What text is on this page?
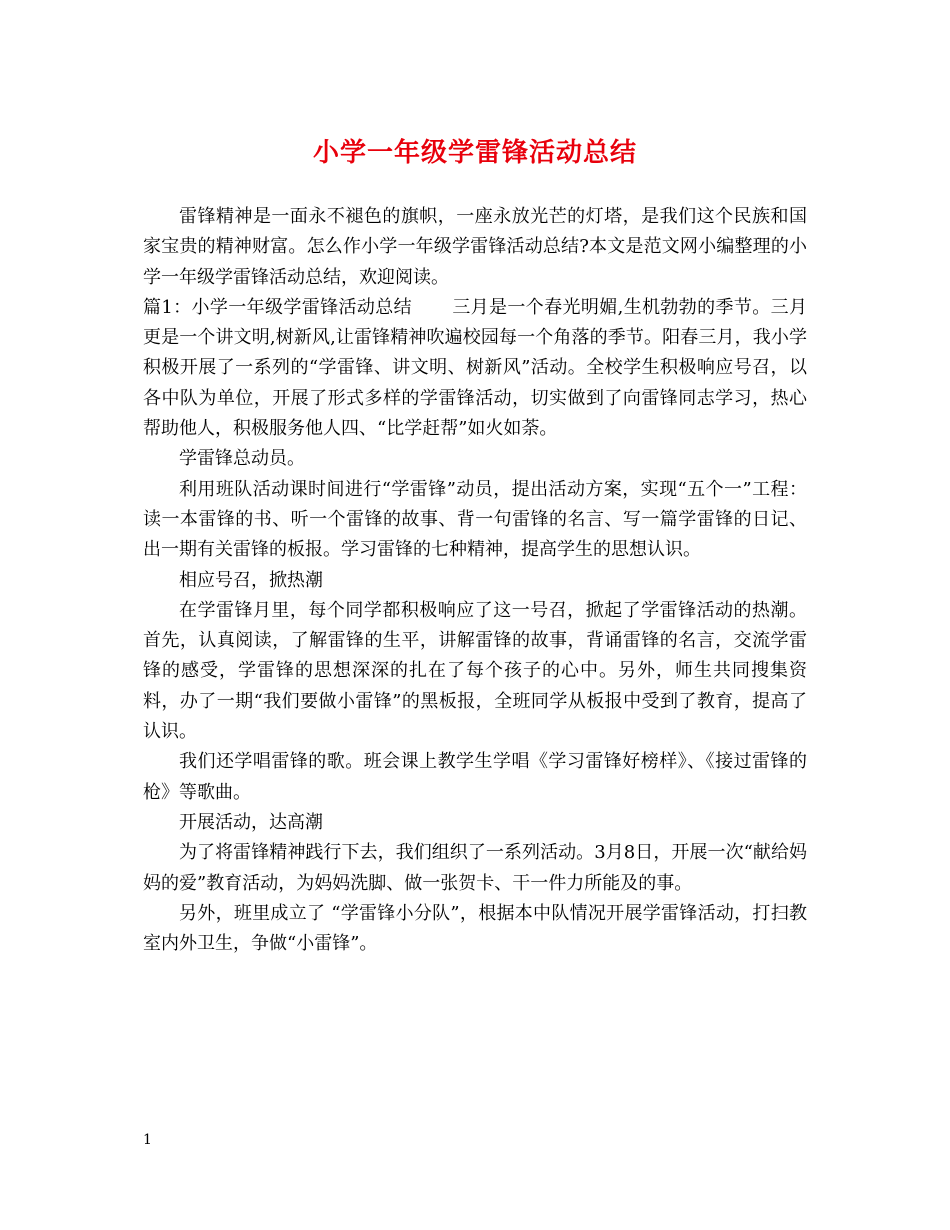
小学一年级学雷锋活动总结

雷锋精神是一面永不褪色的旗帜，一座永放光芒的灯塔，是我们这个民族和国家宝贵的精神财富。怎么作小学一年级学雷锋活动总结?本文是范文网小编整理的小学一年级学雷锋活动总结，欢迎阅读。

篇1：小学一年级学雷锋活动总结 三月是一个春光明媚,生机勃勃的季节。三月更是一个讲文明,树新风,让雷锋精神吹遍校园每一个角落的季节。阳春三月，我小学积极开展了一系列的“学雷锋、讲文明、树新风”活动。全校学生积极响应号召，以各中队为单位，开展了形式多样的学雷锋活动，切实做到了向雷锋同志学习，热心帮助他人，积极服务他人四、“比学赶帮”如火如荼。

学雷锋总动员。

利用班队活动课时间进行“学雷锋”动员，提出活动方案，实现“五个一”工程：读一本雷锋的书、听一个雷锋的故事、背一句雷锋的名言、写一篇学雷锋的日记、出一期有关雷锋的板报。学习雷锋的七种精神，提高学生的思想认识。

相应号召，掀热潮

在学雷锋月里，每个同学都积极响应了这一号召，掀起了学雷锋活动的热潮。首先，认真阅读，了解雷锋的生平，讲解雷锋的故事，背诵雷锋的名言，交流学雷锋的感受，学雷锋的思想深深的扎在了每个孩子的心中。另外，师生共同搜集资料，办了一期“我们要做小雷锋”的黑板报，全班同学从板报中受到了教育，提高了认识。

我们还学唱雷锋的歌。班会课上教学生学唱《学习雷锋好榜样》、《接过雷锋的枪》等歌曲。

开展活动，达高潮

为了将雷锋精神践行下去，我们组织了一系列活动。3月8日，开展一次“献给妈妈的爱”教育活动，为妈妈洗脚、做一张贺卡、干一件力所能及的事。

另外，班里成立了 “学雷锋小分队”，根据本中队情况开展学雷锋活动，打扫教室内外卫生，争做“小雷锋”。

1
